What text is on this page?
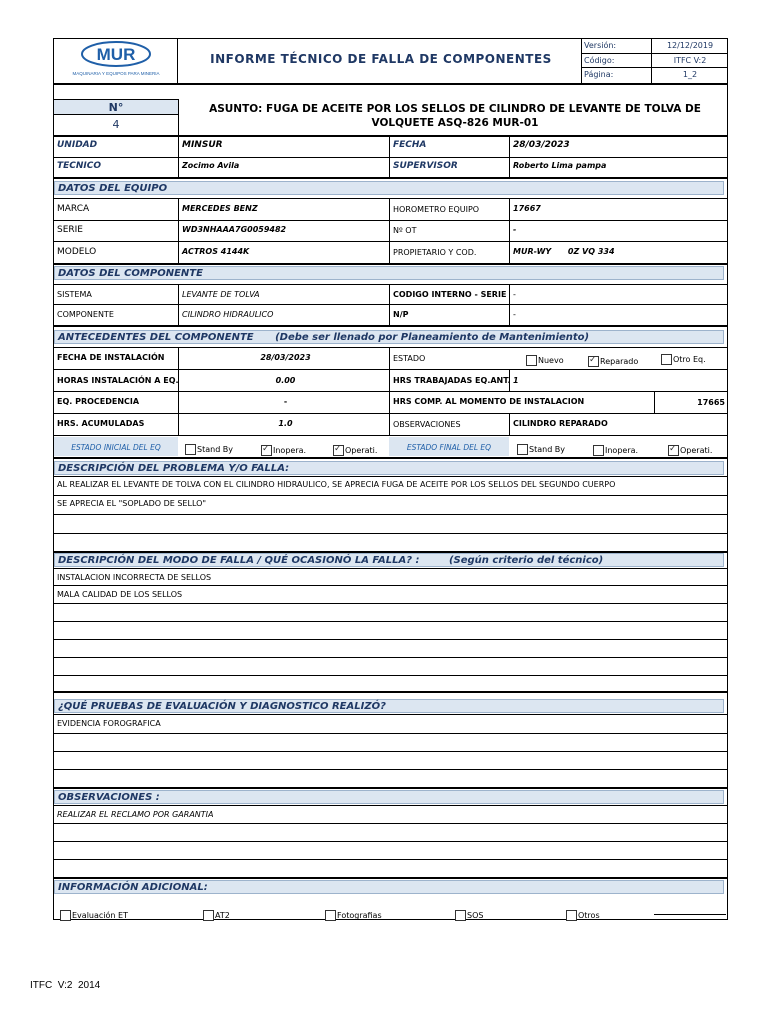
MUR
MAQUINARIA Y EQUIPOS PARA MINERIA
INFORME TÉCNICO DE FALLA DE COMPONENTES
Versión:	12/12/2019
Código:	ITFC V:2
Página:	1_2
N°
4
ASUNTO: FUGA DE ACEITE POR LOS SELLOS DE CILINDRO DE LEVANTE DE TOLVA DE VOLQUETE ASQ-826 MUR-01
UNIDAD	MINSUR	FECHA	28/03/2023
TECNICO	Zocimo Avila	SUPERVISOR	Roberto Lima pampa
DATOS DEL EQUIPO
MARCA	MERCEDES BENZ	HOROMETRO EQUIPO	17667
SERIE	WD3NHAAA7G0059482	Nº OT	-
MODELO	ACTROS 4144K	PROPIETARIO Y COD.	MUR-WY      0Z VQ 334
DATOS DEL COMPONENTE
SISTEMA	LEVANTE DE TOLVA	CODIGO INTERNO - SERIE -
COMPONENTE	CILINDRO HIDRAULICO	N/P	-
ANTECEDENTES DEL COMPONENTE (Debe ser llenado por Planeamiento de Mantenimiento)
FECHA DE INSTALACIÓN	28/03/2023	ESTADO	Nuevo ✓	Reparado	Otro Eq.
HORAS INSTALACIÓN A EQ.	0.00	HRS TRABAJADAS EQ.ANT. 1
EQ. PROCEDENCIA	-	HRS COMP. AL MOMENTO DE INSTALACION	17665
HRS. ACUMULADAS	1.0	OBSERVACIONES	CILINDRO REPARADO
ESTADO INICIAL DEL EQ	Stand By ✓	Inopera. ✓	Operati.	ESTADO FINAL DEL EQ	Stand By	Inopera. ✓	Operati.
DESCRIPCIÓN DEL PROBLEMA Y/O FALLA:
AL REALIZAR EL LEVANTE DE TOLVA CON EL CILINDRO HIDRAULICO, SE APRECIA FUGA DE ACEITE POR LOS SELLOS DEL SEGUNDO CUERPO
SE APRECIA EL "SOPLADO DE SELLO"
DESCRIPCIÓN DEL MODO DE FALLA / QUÉ OCASIONÓ LA FALLA? :	(Según criterio del técnico)
INSTALACION INCORRECTA DE SELLOS
MALA CALIDAD DE LOS SELLOS
¿QUÉ PRUEBAS DE EVALUACIÓN Y DIAGNOSTICO REALIZÓ?
EVIDENCIA FOROGRAFICA
OBSERVACIONES :
REALIZAR EL RECLAMO POR GARANTIA
INFORMACIÓN ADICIONAL:
Evaluación ET	AT2	Fotografias	SOS	Otros
ITFC  V:2  2014
